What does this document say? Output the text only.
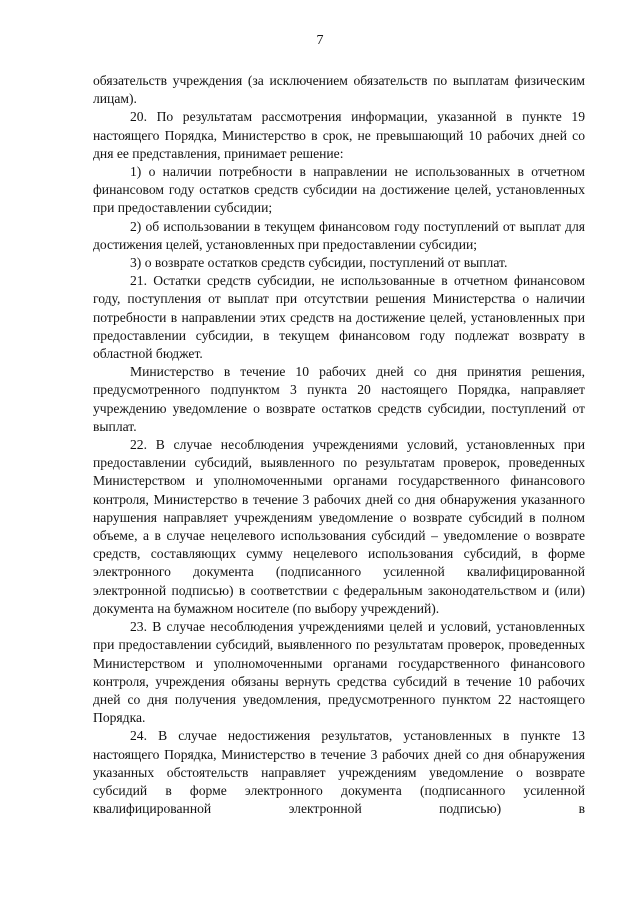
7

обязательств учреждения (за исключением обязательств по выплатам физическим лицам).

20. По результатам рассмотрения информации, указанной в пункте 19 настоящего Порядка, Министерство в срок, не превышающий 10 рабочих дней со дня ее представления, принимает решение:

1) о наличии потребности в направлении не использованных в отчетном финансовом году остатков средств субсидии на достижение целей, установленных при предоставлении субсидии;

2) об использовании в текущем финансовом году поступлений от выплат для достижения целей, установленных при предоставлении субсидии;

3) о возврате остатков средств субсидии, поступлений от выплат.

21. Остатки средств субсидии, не использованные в отчетном финансовом году, поступления от выплат при отсутствии решения Министерства о наличии потребности в направлении этих средств на достижение целей, установленных при предоставлении субсидии, в текущем финансовом году подлежат возврату в областной бюджет.

Министерство в течение 10 рабочих дней со дня принятия решения, предусмотренного подпунктом 3 пункта 20 настоящего Порядка, направляет учреждению уведомление о возврате остатков средств субсидии, поступлений от выплат.

22. В случае несоблюдения учреждениями условий, установленных при предоставлении субсидий, выявленного по результатам проверок, проведенных Министерством и уполномоченными органами государственного финансового контроля, Министерство в течение 3 рабочих дней со дня обнаружения указанного нарушения направляет учреждениям уведомление о возврате субсидий в полном объеме, а в случае нецелевого использования субсидий – уведомление о возврате средств, составляющих сумму нецелевого использования субсидий, в форме электронного документа (подписанного усиленной квалифицированной электронной подписью) в соответствии с федеральным законодательством и (или) документа на бумажном носителе (по выбору учреждений).

23. В случае несоблюдения учреждениями целей и условий, установленных при предоставлении субсидий, выявленного по результатам проверок, проведенных Министерством и уполномоченными органами государственного финансового контроля, учреждения обязаны вернуть средства субсидий в течение 10 рабочих дней со дня получения уведомления, предусмотренного пунктом 22 настоящего Порядка.

24. В случае недостижения результатов, установленных в пункте 13 настоящего Порядка, Министерство в течение 3 рабочих дней со дня обнаружения указанных обстоятельств направляет учреждениям уведомление о возврате субсидий в форме электронного документа (подписанного усиленной квалифицированной электронной подписью) в
